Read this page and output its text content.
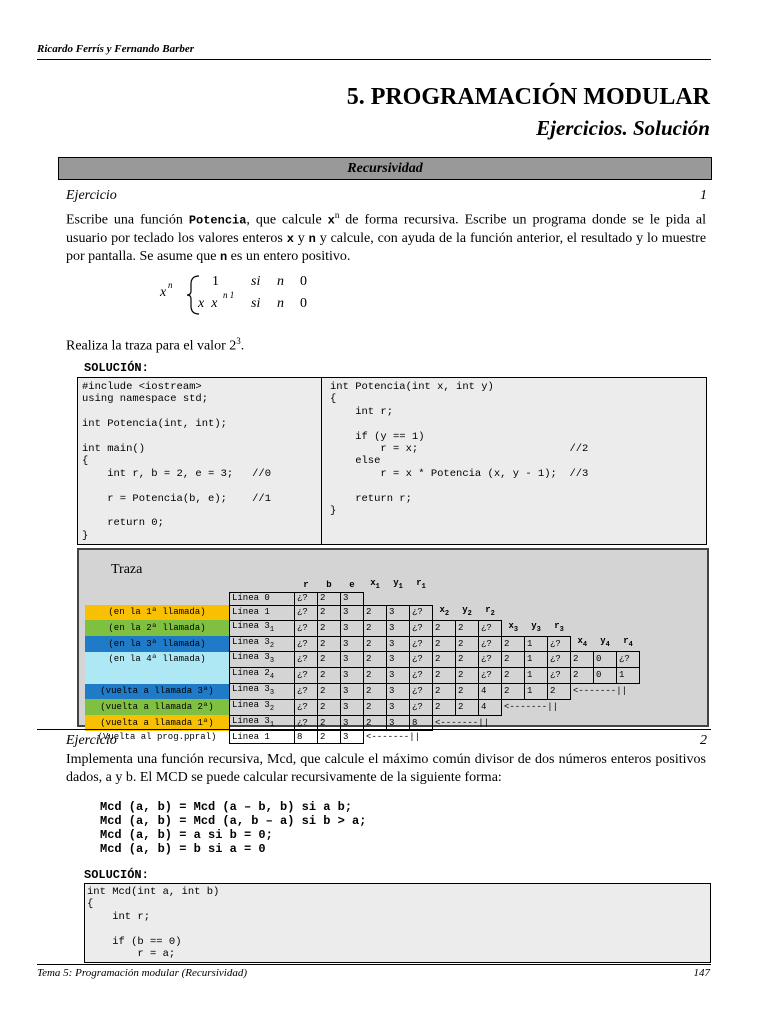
Ricardo Ferrís y Fernando Barber
5. PROGRAMACIÓN MODULAR
Ejercicios. Solución
Recursividad
Ejercicio	1
Escribe una función Potencia, que calcule $x^n$ de forma recursiva. Escribe un programa donde se le pida al usuario por teclado los valores enteros x y n y calcule, con ayuda de la función anterior, el resultado y lo muestre por pantalla. Se asume que n es un entero positivo.
x n	1 si n 0
x  x
n 1
si n 0
Realiza la traza para el valor $2^3$.
SOLUCIÓN:
#include <iostream>
using namespace std;

int Potencia(int, int);

int main()
{
int r, b = 2, e = 3;   //0

r = Potencia(b, e);    //1

return 0;
}
int Potencia(int x, int y)
{
int r;

if (y == 1)
r = x;                        //2
else
r = x * Potencia (x, y - 1);  //3

return r;
}
Traza
		r	b	e	$x_1$	$y_1$	$r_1$									
	Línea 0	¿?	2	3												
(en la 1ª llamada)	Línea 1	¿?	2	3	2	3	¿?	$x_2$	$y_2$	$r_2$						
(en la 2ª llamada)	Línea $3_1$	¿?	2	3	2	3	¿?	2	2	¿?	$x_3$	$y_3$	$r_3$			
(en la 3ª llamada)	Línea $3_2$	¿?	2	3	2	3	¿?	2	2	¿?	2	1	¿?	$x_4$	$y_4$	$r_4$
(en la 4ª llamada)	Línea $3_3$	¿?	2	3	2	3	¿?	2	2	¿?	2	1	¿?	2	0	¿?
	Línea $2_4$	¿?	2	3	2	3	¿?	2	2	¿?	2	1	¿?	2	0	1
(vuelta a llamada 3ª)	Línea $3_3$	¿?	2	3	2	3	¿?	2	2	4	2	1	2	<-------||		
(vuelta a llamada 2ª)	Línea $3_2$	¿?	2	3	2	3	¿?	2	2	4	<-------||					
(vuelta a llamada 1ª)	Línea $3_1$	¿?	2	3	2	3	8	<-------||								
(Vuelta al prog.ppral)	Línea 1	8	2	3	<-------||											
Ejercicio	2
Implementa una función recursiva, Mcd, que calcule el máximo común divisor de dos números enteros positivos dados, a y b. El MCD se puede calcular recursivamente de la siguiente forma:
Mcd (a, b) = Mcd (a – b, b) si a b;
Mcd (a, b) = Mcd (a, b – a) si b > a;
Mcd (a, b) = a si b = 0;
Mcd (a, b) = b si a = 0
SOLUCIÓN:
int Mcd(int a, int b)
{
int r;

if (b == 0)
r = a;
Tema 5: Programación modular (Recursividad)	147
